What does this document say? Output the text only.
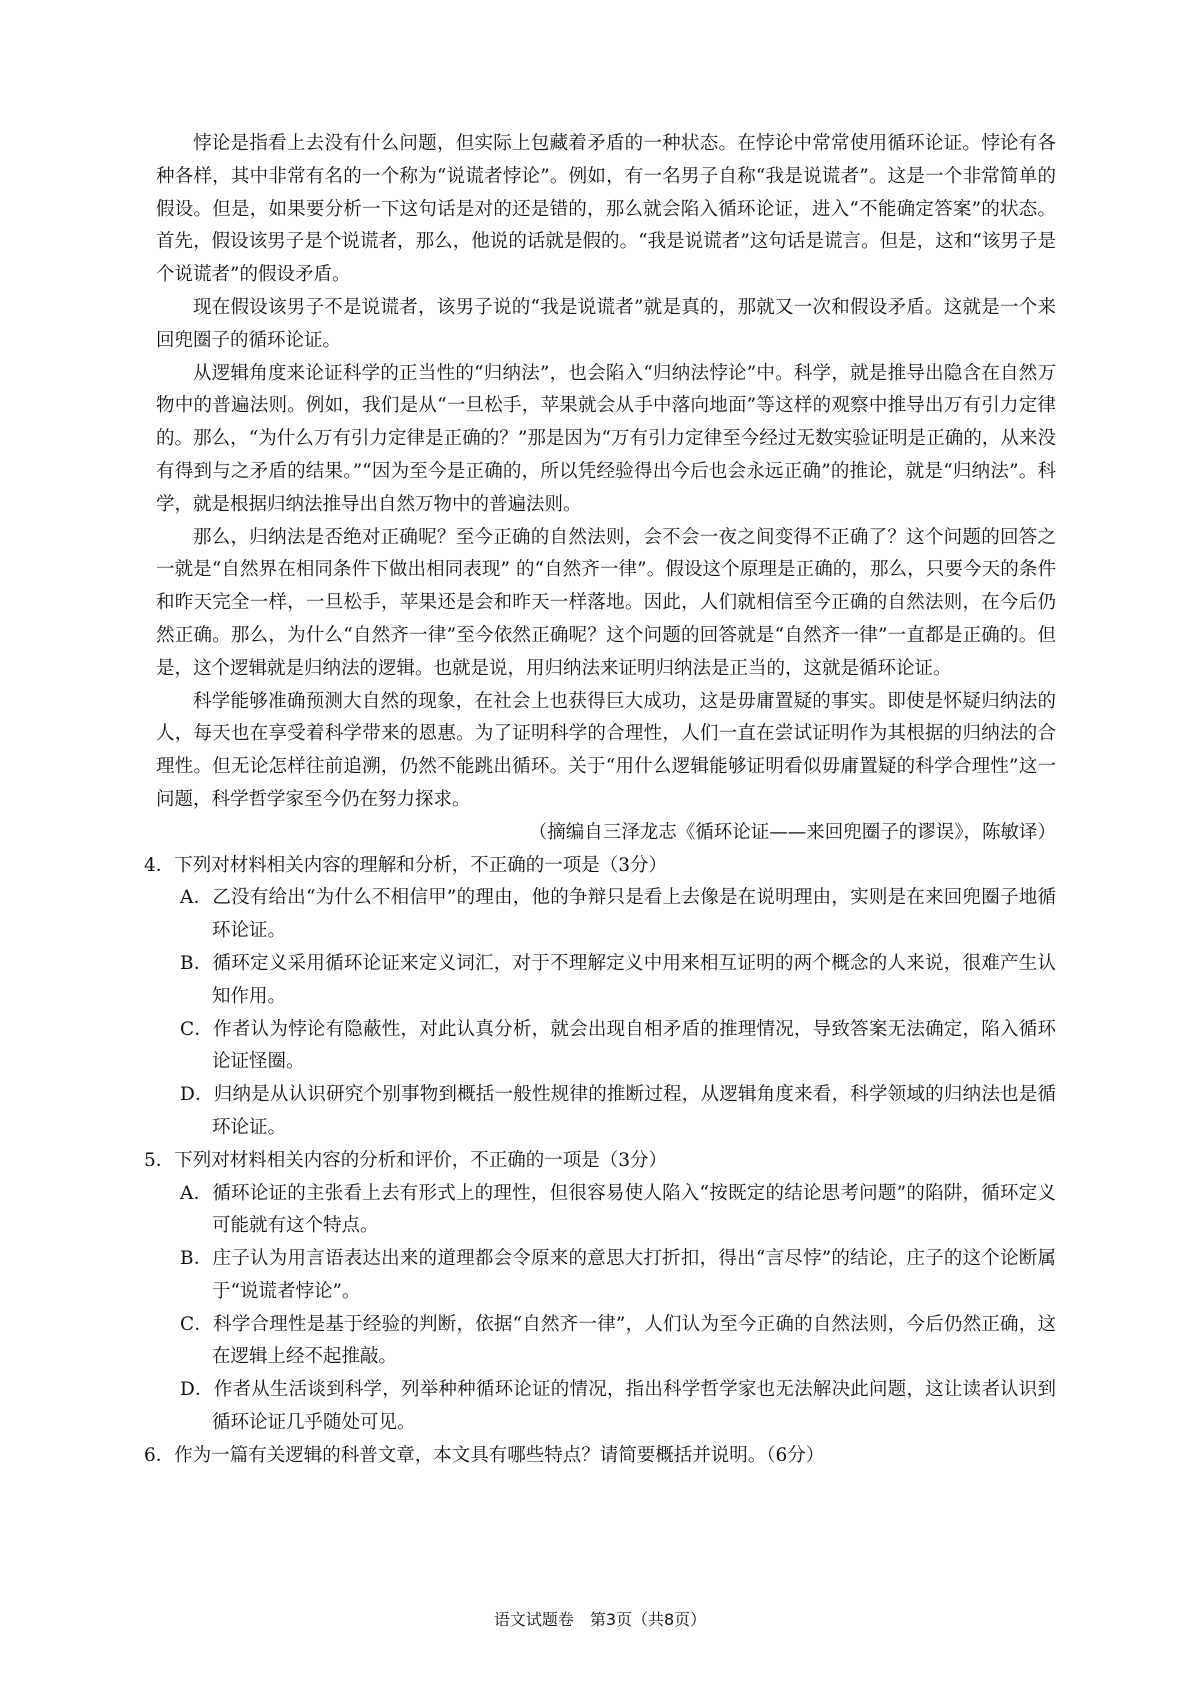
悖论是指看上去没有什么问题，但实际上包藏着矛盾的一种状态。在悖论中常常使用循环论证。悖论有各种各样，其中非常有名的一个称为“说谎者悖论”。例如，有一名男子自称“我是说谎者”。这是一个非常简单的假设。但是，如果要分析一下这句话是对的还是错的，那么就会陷入循环论证，进入“不能确定答案”的状态。首先，假设该男子是个说谎者，那么，他说的话就是假的。“我是说谎者”这句话是谎言。但是，这和“该男子是个说谎者”的假设矛盾。

现在假设该男子不是说谎者，该男子说的“我是说谎者”就是真的，那就又一次和假设矛盾。这就是一个来回兜圈子的循环论证。

从逻辑角度来论证科学的正当性的“归纳法”，也会陷入“归纳法悖论”中。科学，就是推导出隐含在自然万物中的普遍法则。例如，我们是从“一旦松手，苹果就会从手中落向地面”等这样的观察中推导出万有引力定律的。那么，“为什么万有引力定律是正确的？”那是因为“万有引力定律至今经过无数实验证明是正确的，从来没有得到与之矛盾的结果。”“因为至今是正确的，所以凭经验得出今后也会永远正确”的推论，就是“归纳法”。科学，就是根据归纳法推导出自然万物中的普遍法则。

那么，归纳法是否绝对正确呢？至今正确的自然法则，会不会一夜之间变得不正确了？这个问题的回答之一就是“自然界在相同条件下做出相同表现” 的“自然齐一律”。假设这个原理是正确的，那么，只要今天的条件和昨天完全一样，一旦松手，苹果还是会和昨天一样落地。因此，人们就相信至今正确的自然法则，在今后仍然正确。那么，为什么“自然齐一律”至今依然正确呢？这个问题的回答就是“自然齐一律”一直都是正确的。但是，这个逻辑就是归纳法的逻辑。也就是说，用归纳法来证明归纳法是正当的，这就是循环论证。

科学能够准确预测大自然的现象，在社会上也获得巨大成功，这是毋庸置疑的事实。即使是怀疑归纳法的人，每天也在享受着科学带来的恩惠。为了证明科学的合理性，人们一直在尝试证明作为其根据的归纳法的合理性。但无论怎样往前追溯，仍然不能跳出循环。关于“用什么逻辑能够证明看似毋庸置疑的科学合理性”这一问题，科学哲学家至今仍在努力探求。

（摘编自三泽龙志《循环论证——来回兜圈子的谬误》，陈敏译）

4．下列对材料相关内容的理解和分析，不正确的一项是（3分）

A．乙没有给出“为什么不相信甲”的理由，他的争辩只是看上去像是在说明理由，实则是在来回兜圈子地循环论证。

B．循环定义采用循环论证来定义词汇，对于不理解定义中用来相互证明的两个概念的人来说，很难产生认知作用。

C．作者认为悖论有隐蔽性，对此认真分析，就会出现自相矛盾的推理情况，导致答案无法确定，陷入循环论证怪圈。

D．归纳是从认识研究个别事物到概括一般性规律的推断过程，从逻辑角度来看，科学领域的归纳法也是循环论证。

5．下列对材料相关内容的分析和评价，不正确的一项是（3分）

A．循环论证的主张看上去有形式上的理性，但很容易使人陷入“按既定的结论思考问题”的陷阱，循环定义可能就有这个特点。

B．庄子认为用言语表达出来的道理都会令原来的意思大打折扣，得出“言尽悖”的结论，庄子的这个论断属于“说谎者悖论”。

C．科学合理性是基于经验的判断，依据“自然齐一律”，人们认为至今正确的自然法则，今后仍然正确，这在逻辑上经不起推敲。

D．作者从生活谈到科学，列举种种循环论证的情况，指出科学哲学家也无法解决此问题，这让读者认识到循环论证几乎随处可见。

6．作为一篇有关逻辑的科普文章，本文具有哪些特点？请简要概括并说明。（6分）

语文试题卷　第3页（共8页）
